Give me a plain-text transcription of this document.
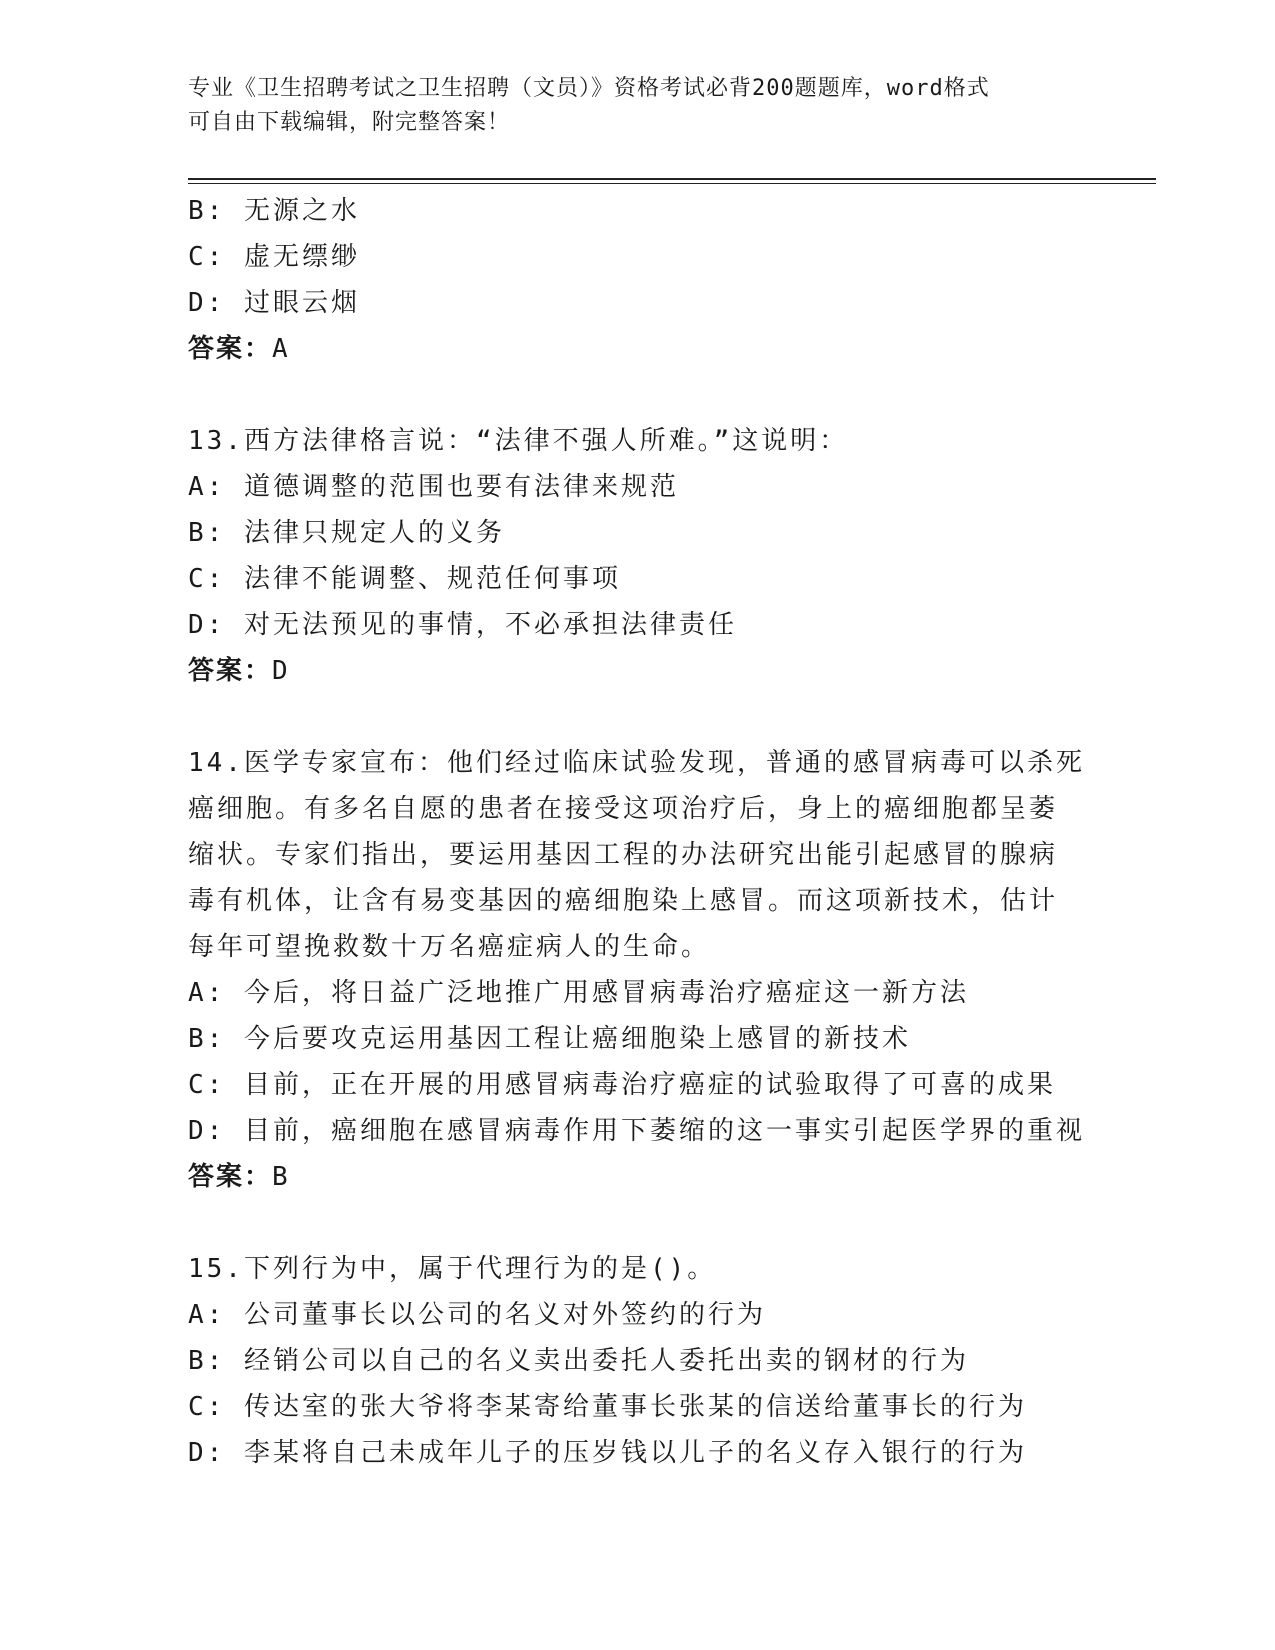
专业《卫生招聘考试之卫生招聘（文员）》资格考试必背200题题库，word格式
可自由下载编辑，附完整答案！
B: 无源之水
C: 虚无缥缈
D: 过眼云烟
答案：A
13.西方法律格言说：“法律不强人所难。”这说明：
A: 道德调整的范围也要有法律来规范
B: 法律只规定人的义务
C: 法律不能调整、规范任何事项
D: 对无法预见的事情，不必承担法律责任
答案：D
14.医学专家宣布：他们经过临床试验发现，普通的感冒病毒可以杀死
癌细胞。有多名自愿的患者在接受这项治疗后，身上的癌细胞都呈萎
缩状。专家们指出，要运用基因工程的办法研究出能引起感冒的腺病
毒有机体，让含有易变基因的癌细胞染上感冒。而这项新技术，估计
每年可望挽救数十万名癌症病人的生命。
A: 今后，将日益广泛地推广用感冒病毒治疗癌症这一新方法
B: 今后要攻克运用基因工程让癌细胞染上感冒的新技术
C: 目前，正在开展的用感冒病毒治疗癌症的试验取得了可喜的成果
D: 目前，癌细胞在感冒病毒作用下萎缩的这一事实引起医学界的重视
答案：B
15.下列行为中，属于代理行为的是()。
A: 公司董事长以公司的名义对外签约的行为
B: 经销公司以自己的名义卖出委托人委托出卖的钢材的行为
C: 传达室的张大爷将李某寄给董事长张某的信送给董事长的行为
D: 李某将自己未成年儿子的压岁钱以儿子的名义存入银行的行为
